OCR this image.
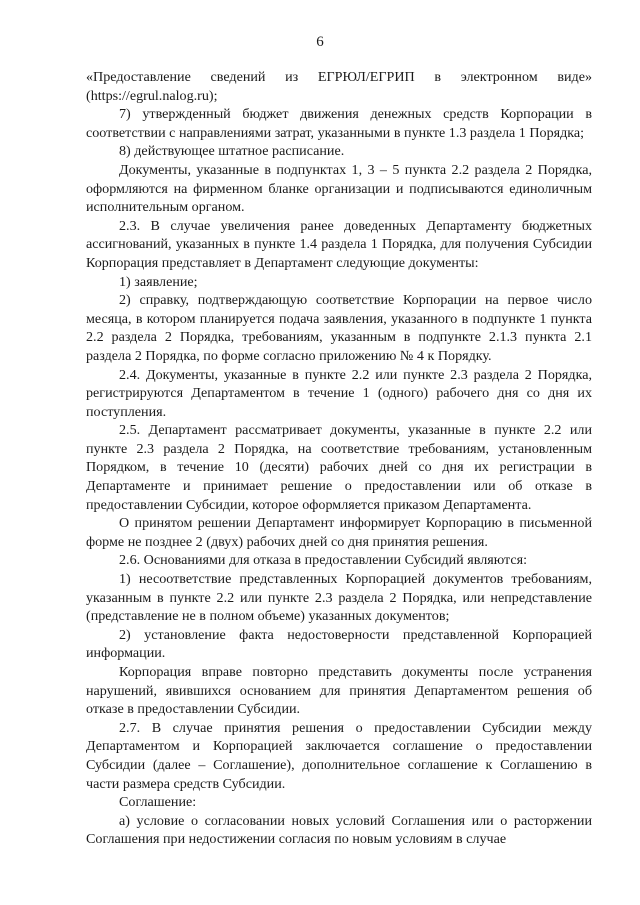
6

«Предоставление сведений из ЕГРЮЛ/ЕГРИП в электронном виде» (https://egrul.nalog.ru);

7) утвержденный бюджет движения денежных средств Корпорации в соответствии с направлениями затрат, указанными в пункте 1.3 раздела 1 Порядка;

8) действующее штатное расписание.

Документы, указанные в подпунктах 1, 3 – 5 пункта 2.2 раздела 2 Порядка, оформляются на фирменном бланке организации и подписываются единоличным исполнительным органом.

2.3. В случае увеличения ранее доведенных Департаменту бюджетных ассигнований, указанных в пункте 1.4 раздела 1 Порядка, для получения Субсидии Корпорация представляет в Департамент следующие документы:

1) заявление;

2) справку, подтверждающую соответствие Корпорации на первое число месяца, в котором планируется подача заявления, указанного в подпункте 1 пункта 2.2 раздела 2 Порядка, требованиям, указанным в подпункте 2.1.3 пункта 2.1 раздела 2 Порядка, по форме согласно приложению № 4 к Порядку.

2.4. Документы, указанные в пункте 2.2 или пункте 2.3 раздела 2 Порядка, регистрируются Департаментом в течение 1 (одного) рабочего дня со дня их поступления.

2.5. Департамент рассматривает документы, указанные в пункте 2.2 или пункте 2.3 раздела 2 Порядка, на соответствие требованиям, установленным Порядком, в течение 10 (десяти) рабочих дней со дня их регистрации в Департаменте и принимает решение о предоставлении или об отказе в предоставлении Субсидии, которое оформляется приказом Департамента.

О принятом решении Департамент информирует Корпорацию в письменной форме не позднее 2 (двух) рабочих дней со дня принятия решения.

2.6. Основаниями для отказа в предоставлении Субсидий являются:

1) несоответствие представленных Корпорацией документов требованиям, указанным в пункте 2.2 или пункте 2.3 раздела 2 Порядка, или непредставление (представление не в полном объеме) указанных документов;

2) установление факта недостоверности представленной Корпорацией информации.

Корпорация вправе повторно представить документы после устранения нарушений, явившихся основанием для принятия Департаментом решения об отказе в предоставлении Субсидии.

2.7. В случае принятия решения о предоставлении Субсидии между Департаментом и Корпорацией заключается соглашение о предоставлении Субсидии (далее – Соглашение), дополнительное соглашение к Соглашению в части размера средств Субсидии.

Соглашение:

а) условие о согласовании новых условий Соглашения или о расторжении Соглашения при недостижении согласия по новым условиям в случае
